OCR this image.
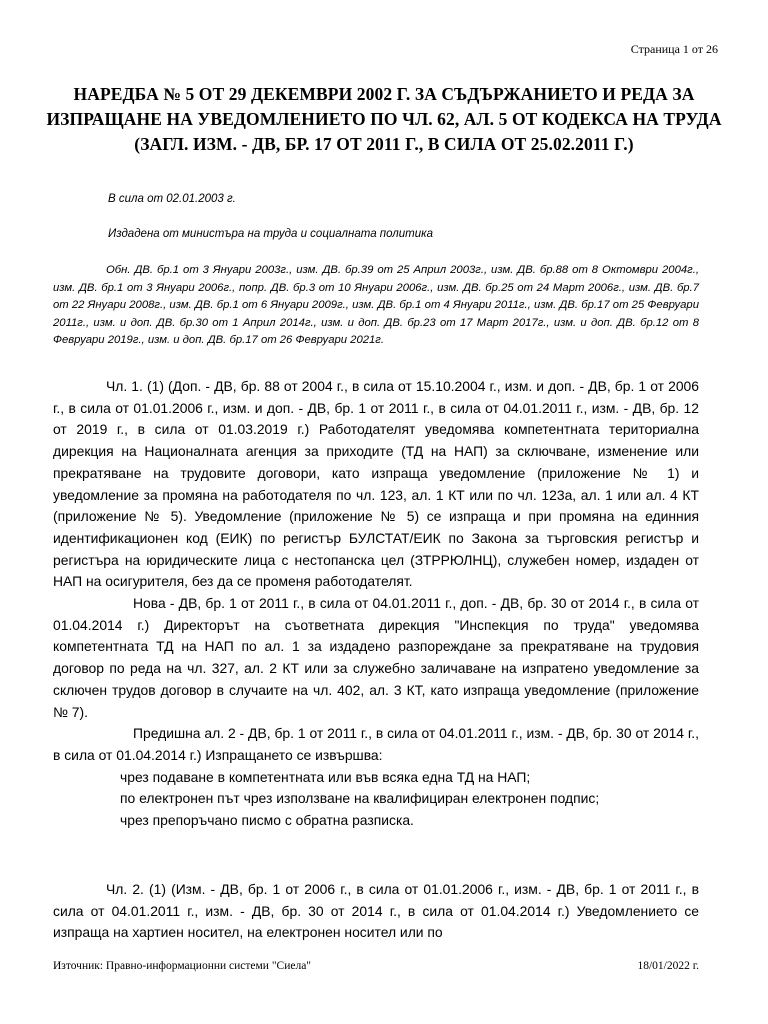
Страница 1 от 26
НАРЕДБА № 5 ОТ 29 ДЕКЕМВРИ 2002 Г. ЗА СЪДЪРЖАНИЕТО И РЕДА ЗА ИЗПРАЩАНЕ НА УВЕДОМЛЕНИЕТО ПО ЧЛ. 62, АЛ. 5 ОТ КОДЕКСА НА ТРУДА (ЗАГЛ. ИЗМ. - ДВ, БР. 17 ОТ 2011 Г., В СИЛА ОТ 25.02.2011 Г.)
В сила от 02.01.2003 г.
Издадена от министъра на труда и социалната политика
Обн. ДВ. бр.1 от 3 Януари 2003г., изм. ДВ. бр.39 от 25 Април 2003г., изм. ДВ. бр.88 от 8 Октомври 2004г., изм. ДВ. бр.1 от 3 Януари 2006г., попр. ДВ. бр.3 от 10 Януари 2006г., изм. ДВ. бр.25 от 24 Март 2006г., изм. ДВ. бр.7 от 22 Януари 2008г., изм. ДВ. бр.1 от 6 Януари 2009г., изм. ДВ. бр.1 от 4 Януари 2011г., изм. ДВ. бр.17 от 25 Февруари 2011г., изм. и доп. ДВ. бр.30 от 1 Април 2014г., изм. и доп. ДВ. бр.23 от 17 Март 2017г., изм. и доп. ДВ. бр.12 от 8 Февруари 2019г., изм. и доп. ДВ. бр.17 от 26 Февруари 2021г.

Чл. 1. (1) (Доп. - ДВ, бр. 88 от 2004 г., в сила от 15.10.2004 г., изм. и доп. - ДВ, бр. 1 от 2006 г., в сила от 01.01.2006 г., изм. и доп. - ДВ, бр. 1 от 2011 г., в сила от 04.01.2011 г., изм. - ДВ, бр. 12 от 2019 г., в сила от 01.03.2019 г.) Работодателят уведомява компетентната териториална дирекция на Националната агенция за приходите (ТД на НАП) за сключване, изменение или прекратяване на трудовите договори, като изпраща уведомление (приложение № 1) и уведомление за промяна на работодателя по чл. 123, ал. 1 КТ или по чл. 123а, ал. 1 или ал. 4 КТ (приложение № 5). Уведомление (приложение № 5) се изпраща и при промяна на единния идентификационен код (ЕИК) по регистър БУЛСТАТ/ЕИК по Закона за търговския регистър и регистъра на юридическите лица с нестопанска цел (ЗТРРЮЛНЦ), служебен номер, издаден от НАП на осигурителя, без да се променя работодателят.

Нова - ДВ, бр. 1 от 2011 г., в сила от 04.01.2011 г., доп. - ДВ, бр. 30 от 2014 г., в сила от 01.04.2014 г.) Директорът на съответната дирекция "Инспекция по труда" уведомява компетентната ТД на НАП по ал. 1 за издадено разпореждане за прекратяване на трудовия договор по реда на чл. 327, ал. 2 КТ или за служебно заличаване на изпратено уведомление за сключен трудов договор в случаите на чл. 402, ал. 3 КТ, като изпраща уведомление (приложение № 7).

Предишна ал. 2 - ДВ, бр. 1 от 2011 г., в сила от 04.01.2011 г., изм. - ДВ, бр. 30 от 2014 г., в сила от 01.04.2014 г.) Изпращането се извършва:

чрез подаване в компетентната или във всяка една ТД на НАП;
по електронен път чрез използване на квалифициран електронен подпис;
чрез препоръчано писмо с обратна разписка.

Чл. 2. (1) (Изм. - ДВ, бр. 1 от 2006 г., в сила от 01.01.2006 г., изм. - ДВ, бр. 1 от 2011 г., в сила от 04.01.2011 г., изм. - ДВ, бр. 30 от 2014 г., в сила от 01.04.2014 г.) Уведомлението се изпраща на хартиен носител, на електронен носител или по

Източник: Правно-информационни системи "Сиела"	18/01/2022 г.
